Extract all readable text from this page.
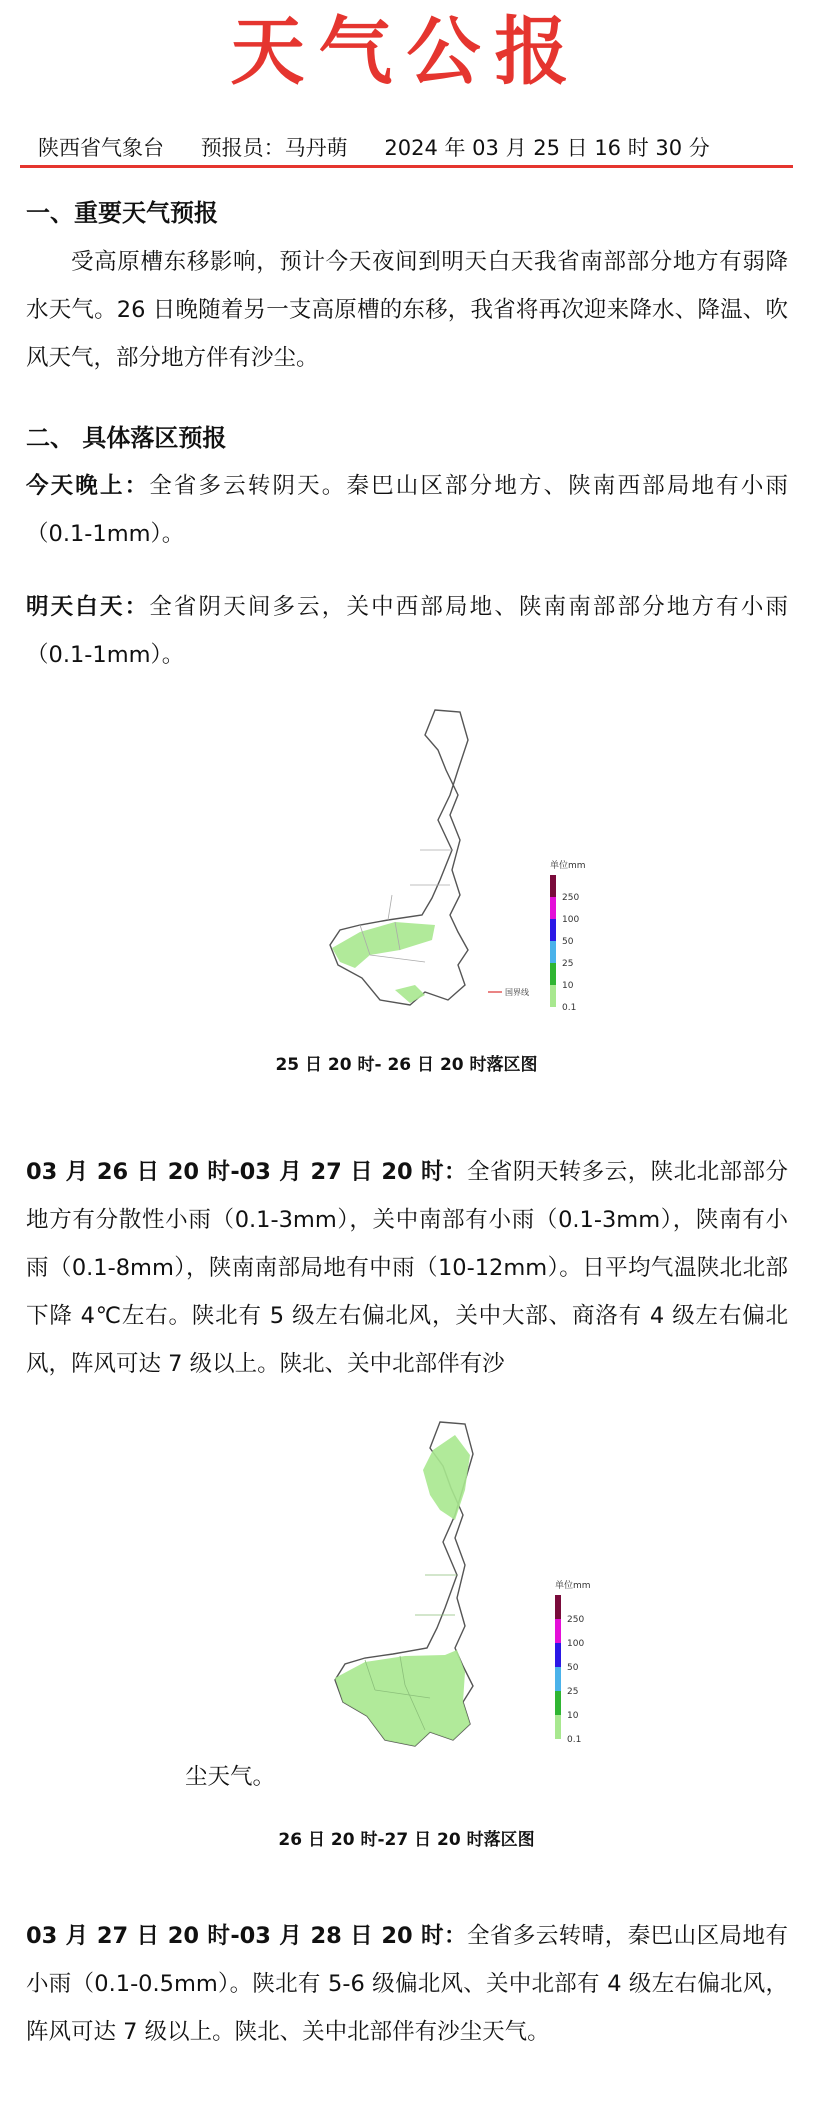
天气公报
陕西省气象台 预报员：马丹萌 2024 年 03 月 25 日 16 时 30 分
一、重要天气预报
受高原槽东移影响，预计今天夜间到明天白天我省南部部分地方有弱降水天气。26 日晚随着另一支高原槽的东移，我省将再次迎来降水、降温、吹风天气，部分地方伴有沙尘。
二、 具体落区预报
今天晚上：全省多云转阴天。秦巴山区部分地方、陕南西部局地有小雨 （0.1-1mm）。
明天白天：全省阴天间多云，关中西部局地、陕南南部部分地方有小雨（0.1-1mm）。
单位mm
250
100
50
25
10
0.1
国界线
25 日 20 时- 26 日 20 时落区图
03 月 26 日 20 时-03 月 27 日 20 时：全省阴天转多云，陕北北部部分地方有分散性小雨（0.1-3mm），关中南部有小雨（0.1-3mm），陕南有小雨（0.1-8mm），陕南南部局地有中雨（10-12mm）。日平均气温陕北北部下降 4℃左右。陕北有 5 级左右偏北风，关中大部、商洛有 4 级左右偏北风，阵风可达 7 级以上。陕北、关中北部伴有沙
单位mm
250
100
50
25
10
0.1
尘天气。
26 日 20 时-27 日 20 时落区图
03 月 27 日 20 时-03 月 28 日 20 时：全省多云转晴，秦巴山区局地有小雨（0.1-0.5mm）。陕北有 5-6 级偏北风、关中北部有 4 级左右偏北风，阵风可达 7 级以上。陕北、关中北部伴有沙尘天气。
